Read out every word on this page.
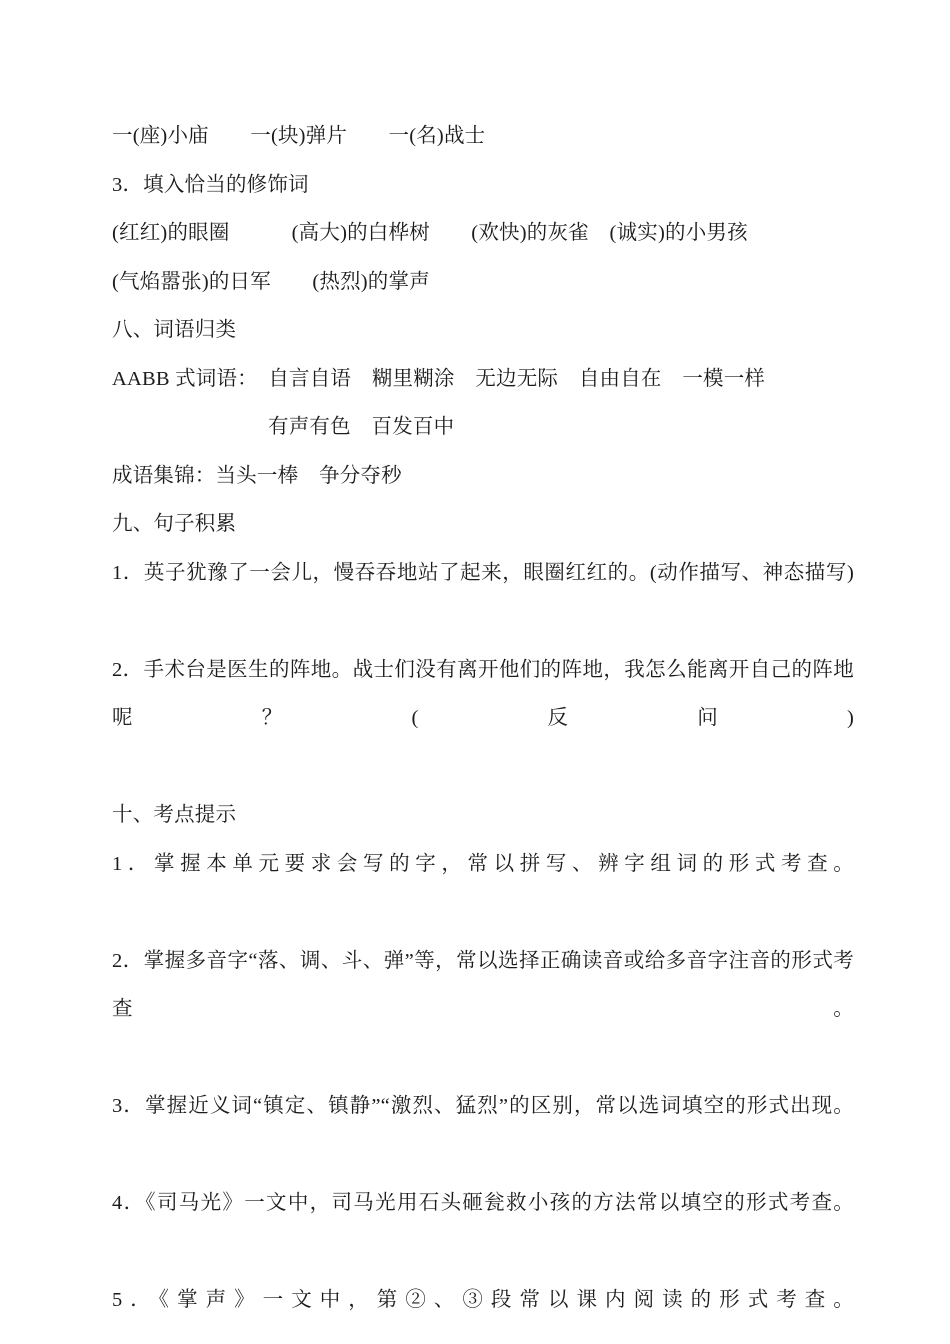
一(座)小庙　　一(块)弹片　　一(名)战士
3．填入恰当的修饰词
(红红)的眼圈　　　(高大)的白桦树　　(欢快)的灰雀　(诚实)的小男孩
(气焰嚣张)的日军　　(热烈)的掌声
八、词语归类
AABB 式词语：　自言自语　糊里糊涂　无边无际　自由自在　一模一样
有声有色　百发百中
成语集锦：当头一棒　争分夺秒
九、句子积累
1．英子犹豫了一会儿，慢吞吞地站了起来，眼圈红红的。(动作描写、神态描写)
2．手术台是医生的阵地。战士们没有离开他们的阵地，我怎么能离开自己的阵地呢？(反问)
十、考点提示
1．掌握本单元要求会写的字，常以拼写、辨字组词的形式考查。
2．掌握多音字“落、调、斗、弹”等，常以选择正确读音或给多音字注音的形式考查。
3．掌握近义词“镇定、镇静”“激烈、猛烈”的区别，常以选词填空的形式出现。
4．《司马光》一文中，司马光用石头砸瓮救小孩的方法常以填空的形式考查。
5．《掌声》一文中，第②、③段常以课内阅读的形式考查。
